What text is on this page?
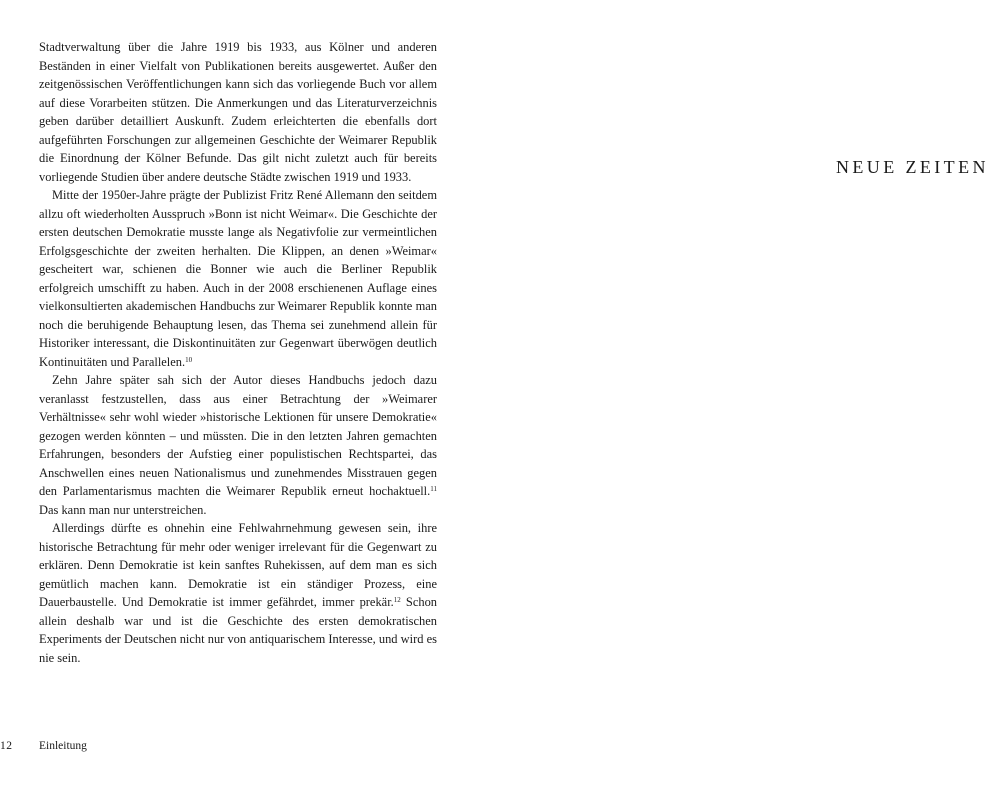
Stadtverwaltung über die Jahre 1919 bis 1933, aus Kölner und anderen Beständen in einer Vielfalt von Publikationen bereits ausgewertet. Außer den zeitgenössischen Veröffentlichungen kann sich das vorliegende Buch vor allem auf diese Vorarbeiten stützen. Die Anmerkungen und das Literaturverzeichnis geben darüber detailliert Auskunft. Zudem erleichterten die ebenfalls dort aufgeführten Forschungen zur allgemeinen Geschichte der Weimarer Republik die Einordnung der Kölner Befunde. Das gilt nicht zuletzt auch für bereits vorliegende Studien über andere deutsche Städte zwischen 1919 und 1933.

Mitte der 1950er-Jahre prägte der Publizist Fritz René Allemann den seitdem allzu oft wiederholten Ausspruch »Bonn ist nicht Weimar«. Die Geschichte der ersten deutschen Demokratie musste lange als Negativfolie zur vermeintlichen Erfolgsgeschichte der zweiten herhalten. Die Klippen, an denen »Weimar« gescheitert war, schienen die Bonner wie auch die Berliner Republik erfolgreich umschifft zu haben. Auch in der 2008 erschienenen Auflage eines vielkonsultierten akademischen Handbuchs zur Weimarer Republik konnte man noch die beruhigende Behauptung lesen, das Thema sei zunehmend allein für Historiker interessant, die Diskontinuitäten zur Gegenwart überwögen deutlich Kontinuitäten und Parallelen.$^{10}$

Zehn Jahre später sah sich der Autor dieses Handbuchs jedoch dazu veranlasst festzustellen, dass aus einer Betrachtung der »Weimarer Verhältnisse« sehr wohl wieder »historische Lektionen für unsere Demokratie« gezogen werden könnten – und müssten. Die in den letzten Jahren gemachten Erfahrungen, besonders der Aufstieg einer populistischen Rechtspartei, das Anschwellen eines neuen Nationalismus und zunehmendes Misstrauen gegen den Parlamentarismus machten die Weimarer Republik erneut hochaktuell.$^{11}$ Das kann man nur unterstreichen.

Allerdings dürfte es ohnehin eine Fehlwahrnehmung gewesen sein, ihre historische Betrachtung für mehr oder weniger irrelevant für die Gegenwart zu erklären. Denn Demokratie ist kein sanftes Ruhekissen, auf dem man es sich gemütlich machen kann. Demokratie ist ein ständiger Prozess, eine Dauerbaustelle. Und Demokratie ist immer gefährdet, immer prekär.$^{12}$ Schon allein deshalb war und ist die Geschichte des ersten demokratischen Experiments der Deutschen nicht nur von antiquarischem Interesse, und wird es nie sein.

12 Einleitung
NEUE ZEITEN
